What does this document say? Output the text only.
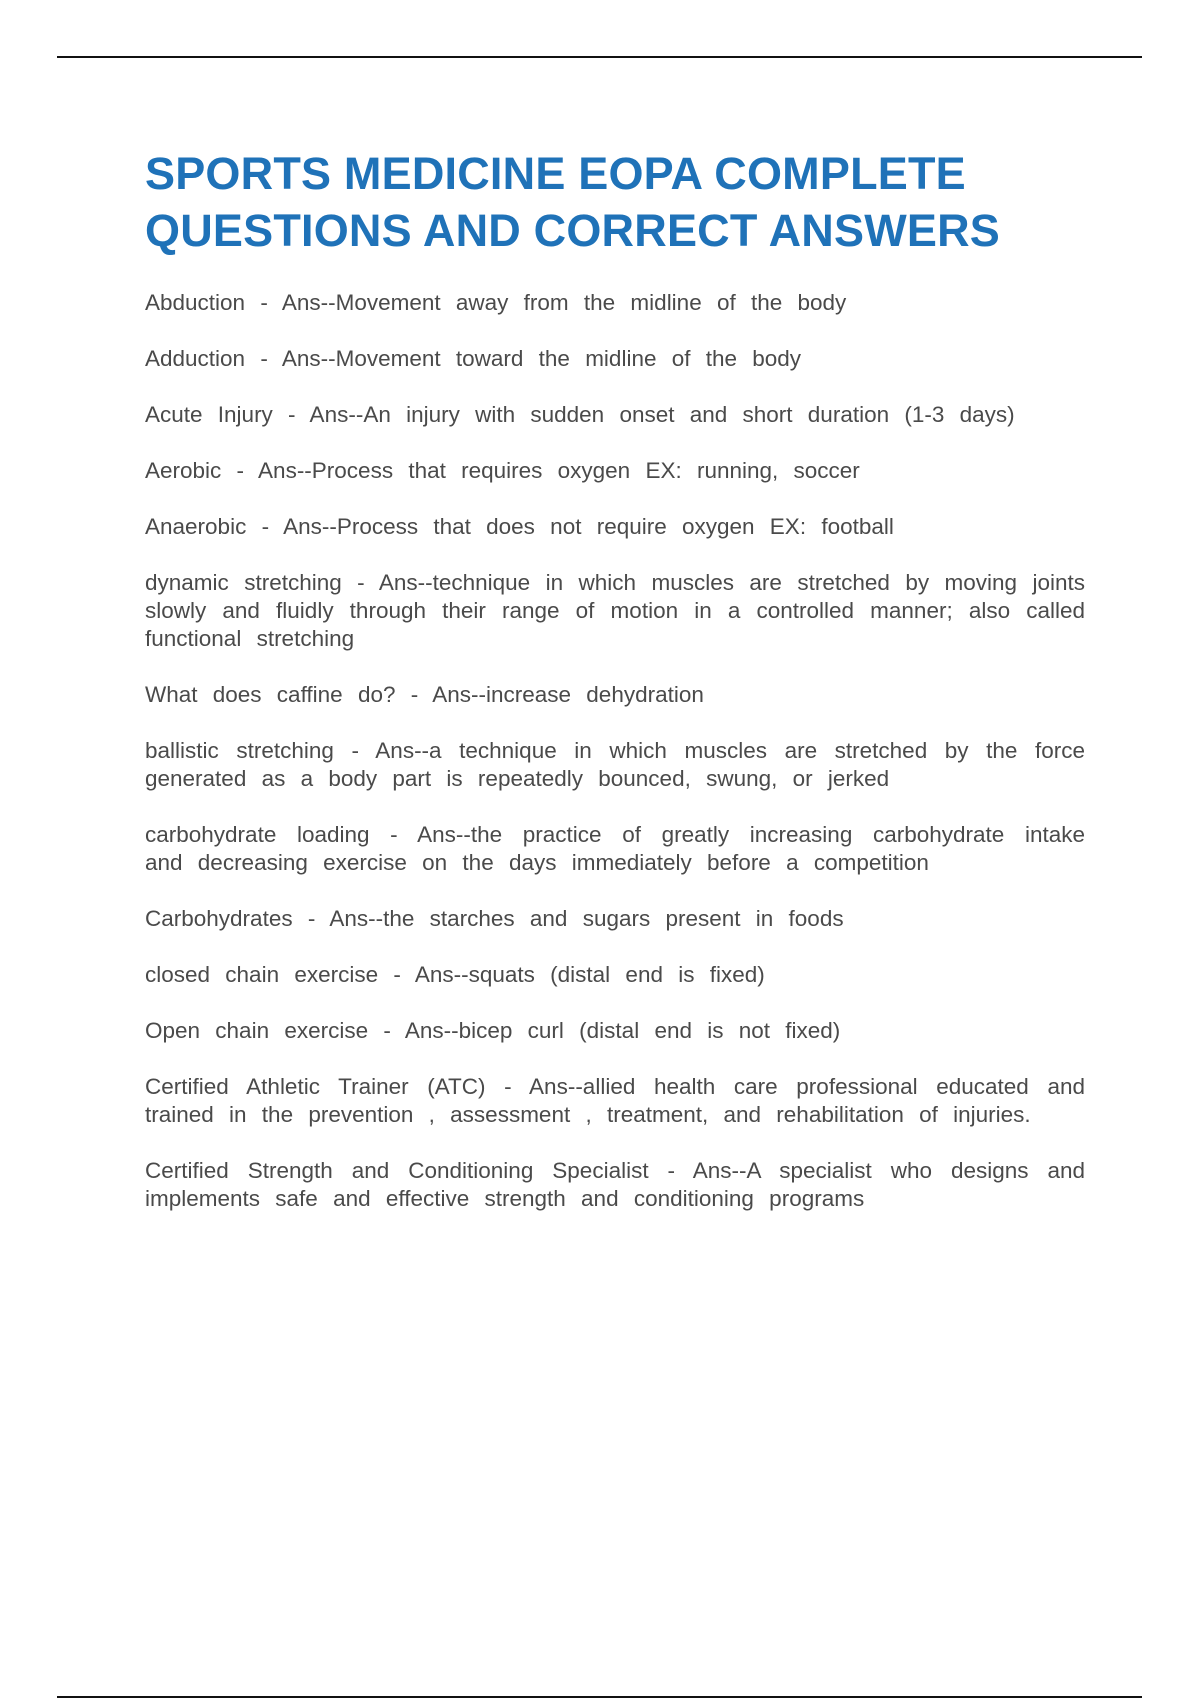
SPORTS MEDICINE EOPA COMPLETE QUESTIONS AND CORRECT ANSWERS
Abduction - Ans--Movement away from the midline of the body
Adduction - Ans--Movement toward the midline of the body
Acute Injury - Ans--An injury with sudden onset and short duration (1-3 days)
Aerobic - Ans--Process that requires oxygen EX: running, soccer
Anaerobic - Ans--Process that does not require oxygen EX: football
dynamic stretching - Ans--technique in which muscles are stretched by moving joints slowly and fluidly through their range of motion in a controlled manner; also called functional stretching
What does caffine do? - Ans--increase dehydration
ballistic stretching - Ans--a technique in which muscles are stretched by the force generated as a body part is repeatedly bounced, swung, or jerked
carbohydrate loading - Ans--the practice of greatly increasing carbohydrate intake and decreasing exercise on the days immediately before a competition
Carbohydrates - Ans--the starches and sugars present in foods
closed chain exercise - Ans--squats (distal end is fixed)
Open chain exercise - Ans--bicep curl (distal end is not fixed)
Certified Athletic Trainer (ATC) - Ans--allied health care professional educated and trained in the prevention , assessment , treatment, and rehabilitation of injuries.
Certified Strength and Conditioning Specialist - Ans--A specialist who designs and implements safe and effective strength and conditioning programs
